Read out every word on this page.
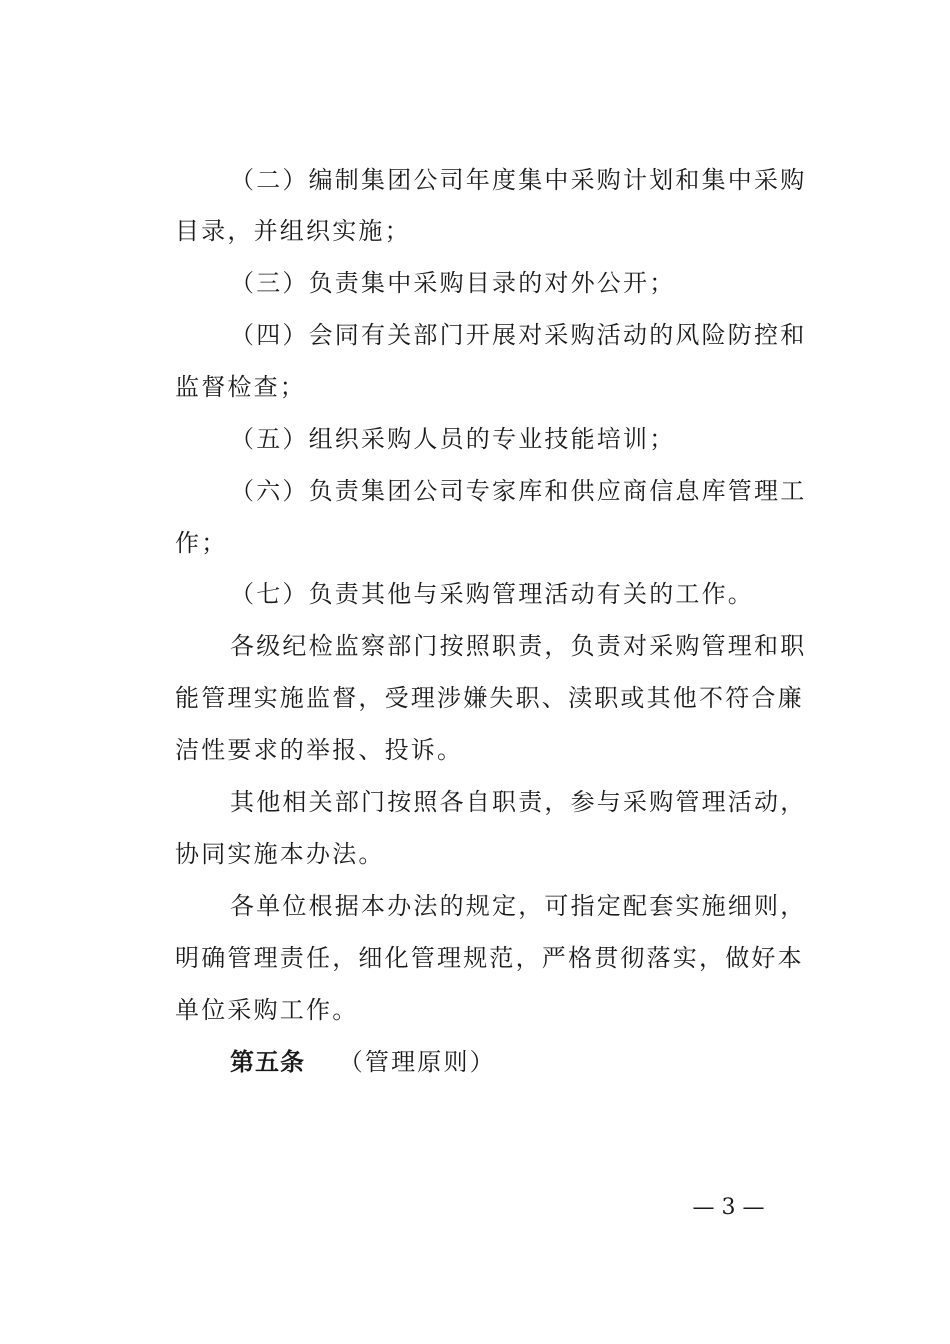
（二）编制集团公司年度集中采购计划和集中采购
目录，并组织实施；
（三）负责集中采购目录的对外公开；
（四）会同有关部门开展对采购活动的风险防控和
监督检查；
（五）组织采购人员的专业技能培训；
（六）负责集团公司专家库和供应商信息库管理工
作；
（七）负责其他与采购管理活动有关的工作。
各级纪检监察部门按照职责，负责对采购管理和职
能管理实施监督，受理涉嫌失职、渎职或其他不符合廉
洁性要求的举报、投诉。
其他相关部门按照各自职责，参与采购管理活动，
协同实施本办法。
各单位根据本办法的规定，可指定配套实施细则，
明确管理责任，细化管理规范，严格贯彻落实，做好本
单位采购工作。
第五条 （管理原则）
— 3 —
